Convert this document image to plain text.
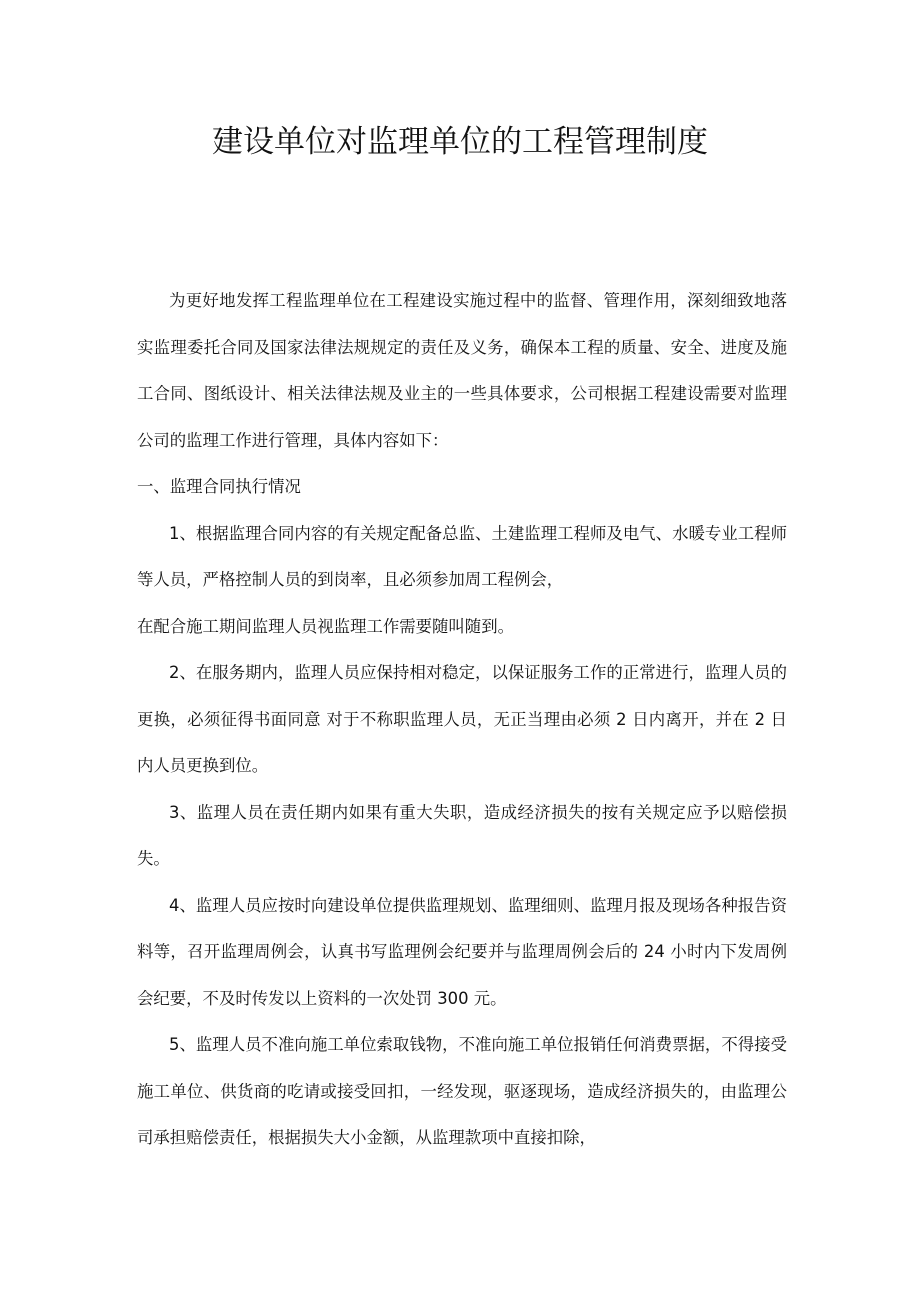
建设单位对监理单位的工程管理制度

为更好地发挥工程监理单位在工程建设实施过程中的监督、管理作用，深刻细致地落实监理委托合同及国家法律法规规定的责任及义务，确保本工程的质量、安全、进度及施工合同、图纸设计、相关法律法规及业主的一些具体要求，公司根据工程建设需要对监理公司的监理工作进行管理，具体内容如下：

一、监理合同执行情况

1、根据监理合同内容的有关规定配备总监、土建监理工程师及电气、水暖专业工程师等人员，严格控制人员的到岗率，且必须参加周工程例会，

在配合施工期间监理人员视监理工作需要随叫随到。

2、在服务期内，监理人员应保持相对稳定，以保证服务工作的正常进行，监理人员的更换，必须征得书面同意 对于不称职监理人员，无正当理由必须 2 日内离开，并在 2 日内人员更换到位。

3、监理人员在责任期内如果有重大失职，造成经济损失的按有关规定应予以赔偿损失。

4、监理人员应按时向建设单位提供监理规划、监理细则、监理月报及现场各种报告资料等，召开监理周例会，认真书写监理例会纪要并与监理周例会后的 24 小时内下发周例会纪要，不及时传发以上资料的一次处罚 300 元。

5、监理人员不准向施工单位索取钱物，不准向施工单位报销任何消费票据，不得接受施工单位、供货商的吃请或接受回扣，一经发现，驱逐现场，造成经济损失的，由监理公司承担赔偿责任，根据损失大小金额，从监理款项中直接扣除，
